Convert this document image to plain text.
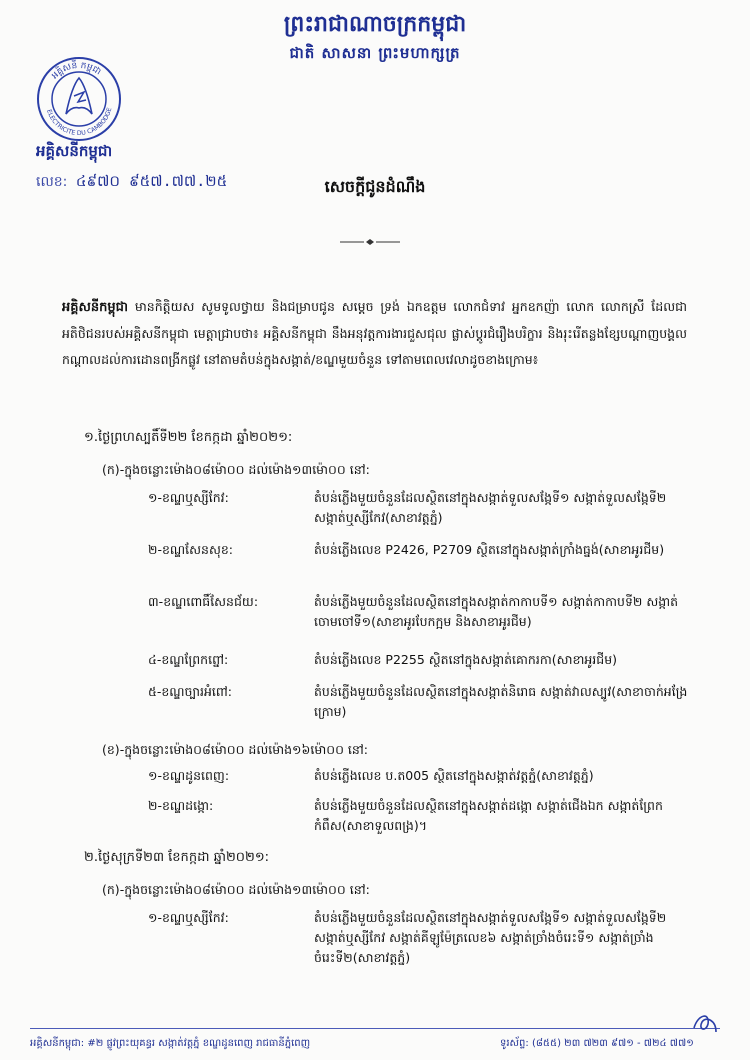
ព្រះរាជាណាចក្រកម្ពុជា
ជាតិ សាសនា ព្រះមហាក្សត្រ
អគ្គិសនី កម្ពុជា
ELECTRICITE DU CAMBODGE
អគ្គិសនីកម្ពុជា
លេខ: ៤៩៧០ ៩៥៧.៧៧.២៥	សេចក្ដីជូនដំណឹង
អគ្គិសនីកម្ពុជា មានកិត្តិយស សូមទូលថ្វាយ និងជម្រាបជូន សម្ដេច ទ្រង់ ឯកឧត្តម លោកជំទាវ អ្នកឧកញ៉ា លោក លោកស្រី ដែលជាអតិថិជនរបស់អគ្គិសនីកម្ពុជា មេត្តាជ្រាបថា៖ អគ្គិសនីកម្ពុជា នឹងអនុវត្តការងារជួសជុល ផ្លាស់ប្ដូរជំរឿងបរិក្ខារ និងរុះរើតន្លងខ្សែបណ្ដាញបង្គលកណ្ដាលដល់ការដោនពង្រីកផ្លូវ នៅតាមតំបន់ក្នុងសង្កាត់/ខណ្ឌមួយចំនួន ទៅតាមពេលវេលាដូចខាងក្រោម៖
១.ថ្ងៃព្រហស្បតិ៍ទី២២ ខែកក្កដា ឆ្នាំ២០២១:
(ក)-ក្នុងចន្លោះម៉ោង០៨ម៉ោ០០ ដល់ម៉ោង១៣ម៉ោ០០ នៅ:
១-ខណ្ឌឬស្សីកែវ:	តំបន់ភ្លើងមួយចំនួនដែលស្ថិតនៅក្នុងសង្កាត់ទួលសង្កែទី១ សង្កាត់ទួលសង្កែទី២ សង្កាត់ឬស្សីកែវ(សាខាវត្តភ្នំ)
២-ខណ្ឌសែនសុខ:	តំបន់ភ្លើងលេខ P2426, P2709 ស្ថិតនៅក្នុងសង្កាត់ក្រាំងធ្នង់(សាខាអូរជីម)
៣-ខណ្ឌពោធិ៍សែនជ័យ:	តំបន់ភ្លើងមួយចំនួនដែលស្ថិតនៅក្នុងសង្កាត់កាកាបទី១ សង្កាត់កាកាបទី២ សង្កាត់ចោមចៅទី១(សាខាអូរបែកក្អម និងសាខាអូរជីម)
៤-ខណ្ឌព្រែកព្នៅ:	តំបន់ភ្លើងលេខ P2255 ស្ថិតនៅក្នុងសង្កាត់គោករកា(សាខាអូរជីម)
៥-ខណ្ឌច្បារអំពៅ:	តំបន់ភ្លើងមួយចំនួនដែលស្ថិតនៅក្នុងសង្កាត់និរោធ សង្កាត់វាលស្បូវ(សាខាចាក់អង្រែក្រោម)
(ខ)-ក្នុងចន្លោះម៉ោង០៨ម៉ោ០០ ដល់ម៉ោង១៦ម៉ោ០០ នៅ:
១-ខណ្ឌដូនពេញ:	តំបន់ភ្លើងលេខ ប.ត005 ស្ថិតនៅក្នុងសង្កាត់វត្តភ្នំ(សាខាវត្តភ្នំ)
២-ខណ្ឌដង្កោ:	តំបន់ភ្លើងមួយចំនួនដែលស្ថិតនៅក្នុងសង្កាត់ដង្កោ សង្កាត់ជើងឯក សង្កាត់ព្រែកកំពឹស(សាខាទួលពង្រ)។
២.ថ្ងៃសុក្រទី២៣ ខែកក្កដា ឆ្នាំ២០២១:
(ក)-ក្នុងចន្លោះម៉ោង០៨ម៉ោ០០ ដល់ម៉ោង១៣ម៉ោ០០ នៅ:
១-ខណ្ឌឬស្សីកែវ:	តំបន់ភ្លើងមួយចំនួនដែលស្ថិតនៅក្នុងសង្កាត់ទួលសង្កែទី១ សង្កាត់ទួលសង្កែទី២ សង្កាត់ឬស្សីកែវ សង្កាត់គីឡូម៉ែត្រលេខ៦ សង្កាត់ច្រាំងចំរេះទី១ សង្កាត់ច្រាំងចំរេះទី២(សាខាវត្តភ្នំ)
អគ្គិសនីកម្ពុជា: #២ ផ្លូវព្រះយុគន្ធរ សង្កាត់វត្តភ្នំ ខណ្ឌដូនពេញ រាជធានីភ្នំពេញ	ទូរស័ព្ទ: (៨៥៥) ២៣ ៧២៣ ៩៧១ - ៧២៤ ៧៧១
